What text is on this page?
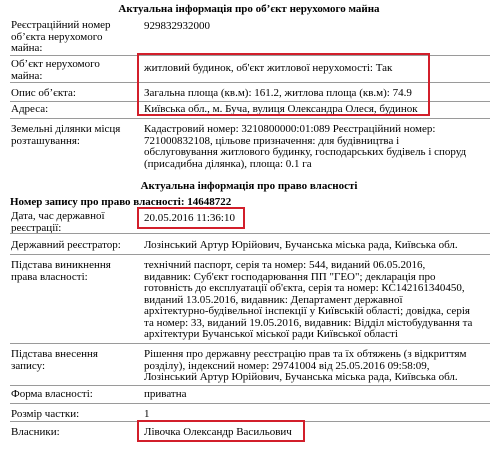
Актуальна інформація про об’єкт нерухомого майна
Реєстраційний номер
об’єкта нерухомого
майна:
929832932000
Об’єкт нерухомого
майна:
житловий будинок, об'єкт житлової нерухомості: Так
Опис об’єкта:	Загальна площа (кв.м): 161.2, житлова площа (кв.м): 74.9
Адреса:	Київська обл., м. Буча, вулиця Олександра Олеся, будинок
Земельні ділянки місця
розташування:
Кадастровий номер: 3210800000:01:089 Реєстраційний номер:
721000832108, цільове призначення: для будівництва і
обслуговування житлового будинку, господарських будівель і споруд
(присадибна ділянка), площа: 0.1 га
Актуальна інформація про право власності
Номер запису про право власності: 14648722
Дата, час державної
реєстрації:
20.05.2016 11:36:10
Державний реєстратор:	Лозінський Артур Юрійович, Бучанська міська рада, Київська обл.
Підстава виникнення
права власності:
технічний паспорт, серія та номер: 544, виданий 06.05.2016,
видавник: Суб'єкт господарювання ПП "ГЕО"; декларація про
готовність до експлуатації об'єкта, серія та номер: КС142161340450,
виданий 13.05.2016, видавник: Департамент державної
архітектурно-будівельної інспекції у Київській області; довідка, серія
та номер: 33, виданий 19.05.2016, видавник: Відділ містобудування та
архітектури Бучанської міської ради Київської області
Підстава внесення
запису:
Рішення про державну реєстрацію прав та їх обтяжень (з відкриттям
розділу), індексний номер: 29741004 від 25.05.2016 09:58:09,
Лозінський Артур Юрійович, Бучанська міська рада, Київська обл.
Форма власності:	приватна
Розмір частки:	1
Власники:	Лівочка Олександр Васильович
